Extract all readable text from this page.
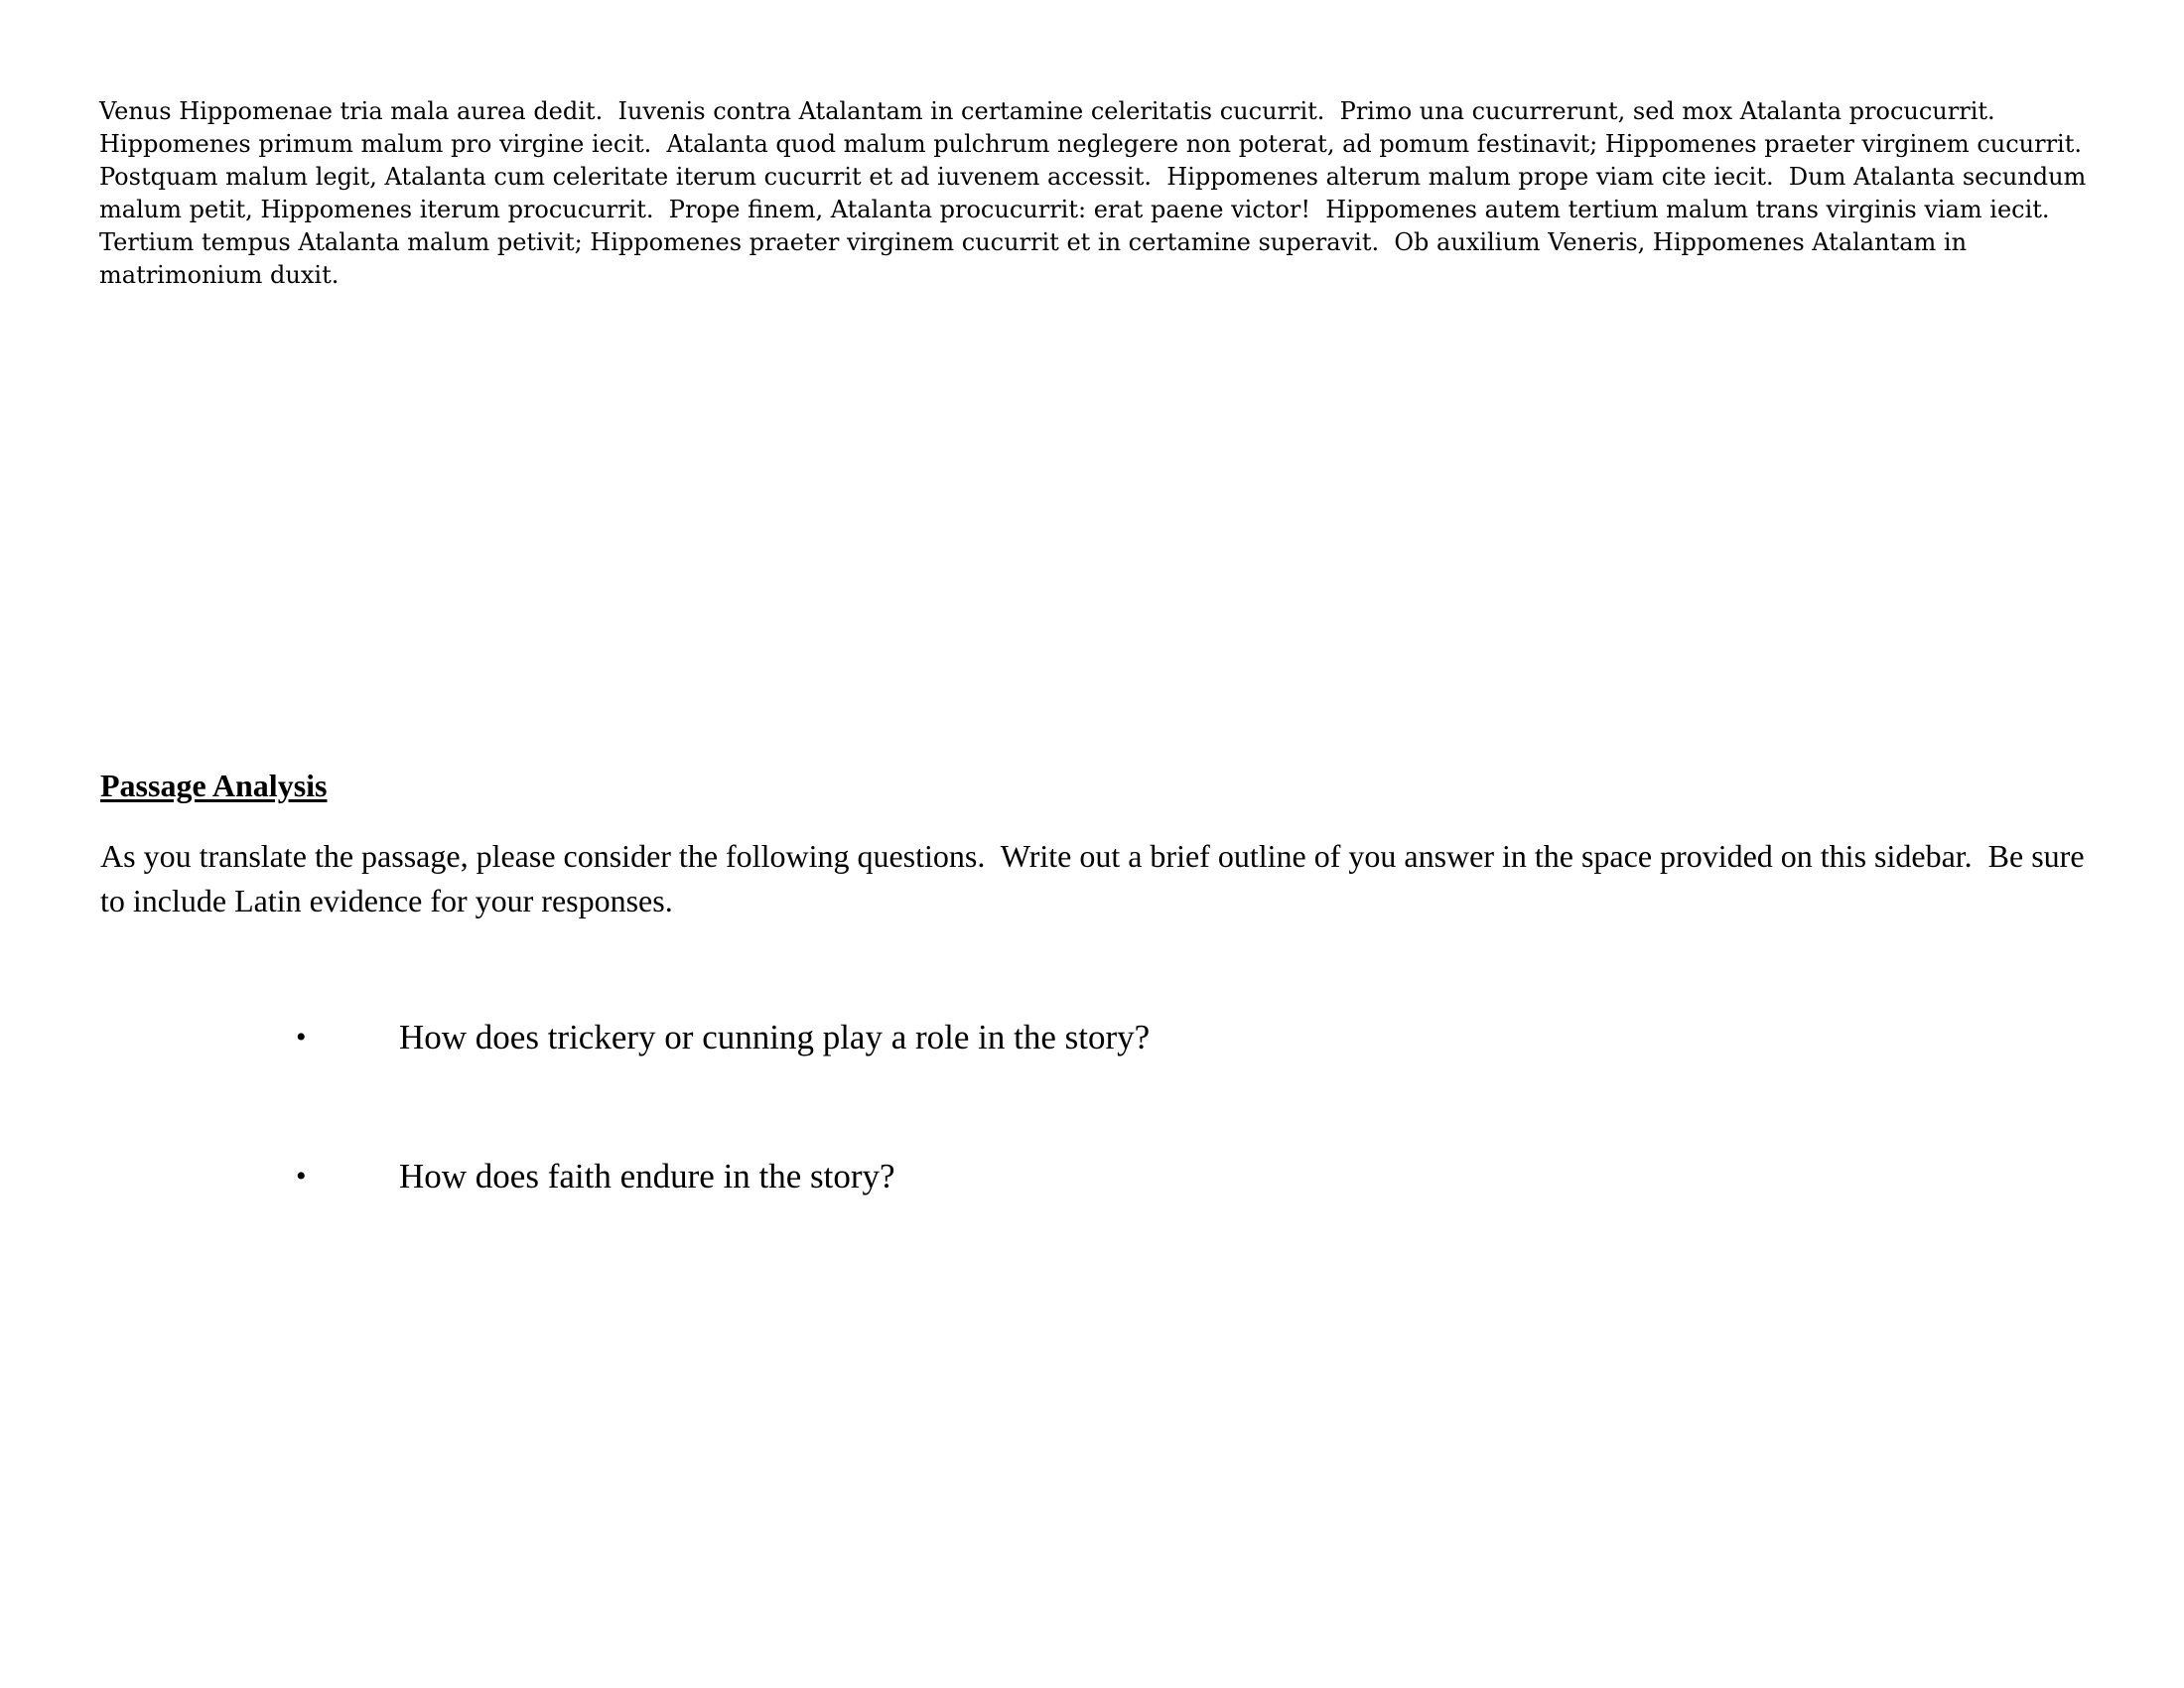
Venus Hippomenae tria mala aurea dedit.  Iuvenis contra Atalantam in certamine celeritatis cucurrit.  Primo una cucurrerunt, sed mox Atalanta procucurrit.  Hippomenes primum malum pro virgine iecit.  Atalanta quod malum pulchrum neglegere non poterat, ad pomum festinavit; Hippomenes praeter virginem cucurrit.  Postquam malum legit, Atalanta cum celeritate iterum cucurrit et ad iuvenem accessit.  Hippomenes alterum malum prope viam cite iecit.  Dum Atalanta secundum malum petit, Hippomenes iterum procucurrit.  Prope finem, Atalanta procucurrit: erat paene victor!  Hippomenes autem tertium malum trans virginis viam iecit.  Tertium tempus Atalanta malum petivit; Hippomenes praeter virginem cucurrit et in certamine superavit.  Ob auxilium Veneris, Hippomenes Atalantam in matrimonium duxit.

Passage Analysis

As you translate the passage, please consider the following questions.  Write out a brief outline of you answer in the space provided on this sidebar.  Be sure to include Latin evidence for your responses.

•	How does trickery or cunning play a role in the story?
•	How does faith endure in the story?
